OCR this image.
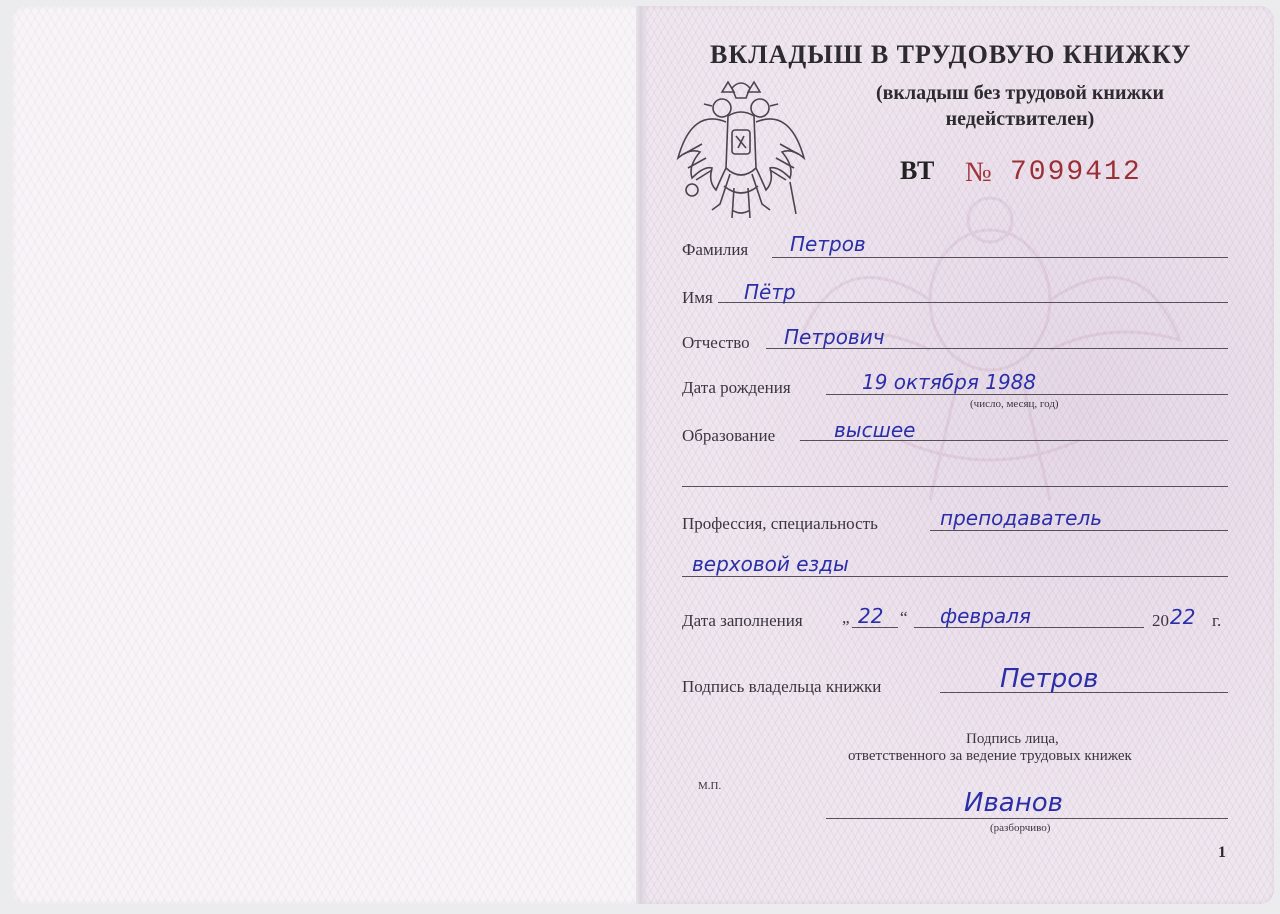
ВКЛАДЫШ В ТРУДОВУЮ КНИЖКУ
(вкладыш без трудовой книжки
недействителен)
ВТ № 7099412
Фамилия Петров
Имя Пётр
Отчество Петрович
Дата рождения	19 октября 1988
(число, месяц, год)
Образование	высшее
Профессия, специальность	преподаватель
верховой езды
Дата заполнения „ 22 “ февраля	20 22 г.
Подпись владельца книжки	Петров
Подпись лица,
ответственного за ведение трудовых книжек
М.П.
Иванов
(разборчиво)
1
